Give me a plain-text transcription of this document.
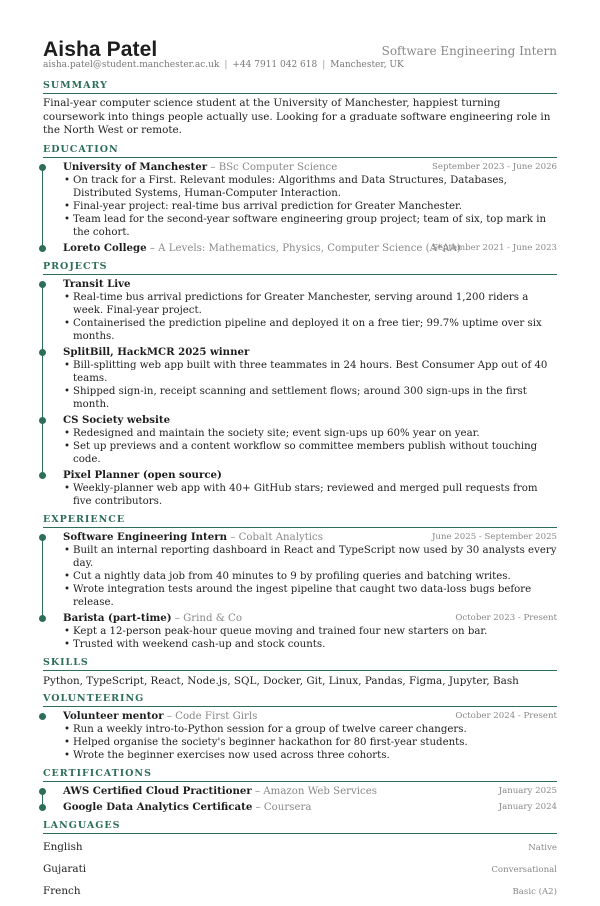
Aisha Patel	Software Engineering Intern
aisha.patel@student.manchester.ac.uk | +44 7911 042 618 | Manchester, UK
SUMMARY
Final-year computer science student at the University of Manchester, happiest turning coursework into things people actually use. Looking for a graduate software engineering role in the North West or remote.
EDUCATION
University of Manchester – BSc Computer Science	September 2023 - June 2026
• On track for a First. Relevant modules: Algorithms and Data Structures, Databases, Distributed Systems, Human-Computer Interaction.
• Final-year project: real-time bus arrival prediction for Greater Manchester.
• Team lead for the second-year software engineering group project; team of six, top mark in the cohort.
Loreto College – A Levels: Mathematics, Physics, Computer Science (A*AA)
September 2021 - June 2023
PROJECTS
Transit Live
• Real-time bus arrival predictions for Greater Manchester, serving around 1,200 riders a week. Final-year project.
• Containerised the prediction pipeline and deployed it on a free tier; 99.7% uptime over six months.
SplitBill, HackMCR 2025 winner
• Bill-splitting web app built with three teammates in 24 hours. Best Consumer App out of 40 teams.
• Shipped sign-in, receipt scanning and settlement flows; around 300 sign-ups in the first month.
CS Society website
• Redesigned and maintain the society site; event sign-ups up 60% year on year.
• Set up previews and a content workflow so committee members publish without touching code.
Pixel Planner (open source)
• Weekly-planner web app with 40+ GitHub stars; reviewed and merged pull requests from five contributors.
EXPERIENCE
Software Engineering Intern – Cobalt Analytics	June 2025 - September 2025
• Built an internal reporting dashboard in React and TypeScript now used by 30 analysts every day.
• Cut a nightly data job from 40 minutes to 9 by profiling queries and batching writes.
• Wrote integration tests around the ingest pipeline that caught two data-loss bugs before release.
Barista (part-time) – Grind & Co	October 2023 - Present
• Kept a 12-person peak-hour queue moving and trained four new starters on bar.
• Trusted with weekend cash-up and stock counts.
SKILLS
Python, TypeScript, React, Node.js, SQL, Docker, Git, Linux, Pandas, Figma, Jupyter, Bash
VOLUNTEERING
Volunteer mentor – Code First Girls	October 2024 - Present
• Run a weekly intro-to-Python session for a group of twelve career changers.
• Helped organise the society's beginner hackathon for 80 first-year students.
• Wrote the beginner exercises now used across three cohorts.
CERTIFICATIONS
AWS Certified Cloud Practitioner – Amazon Web Services	January 2025
Google Data Analytics Certificate – Coursera	January 2024
LANGUAGES
English	Native
Gujarati	Conversational
French	Basic (A2)
